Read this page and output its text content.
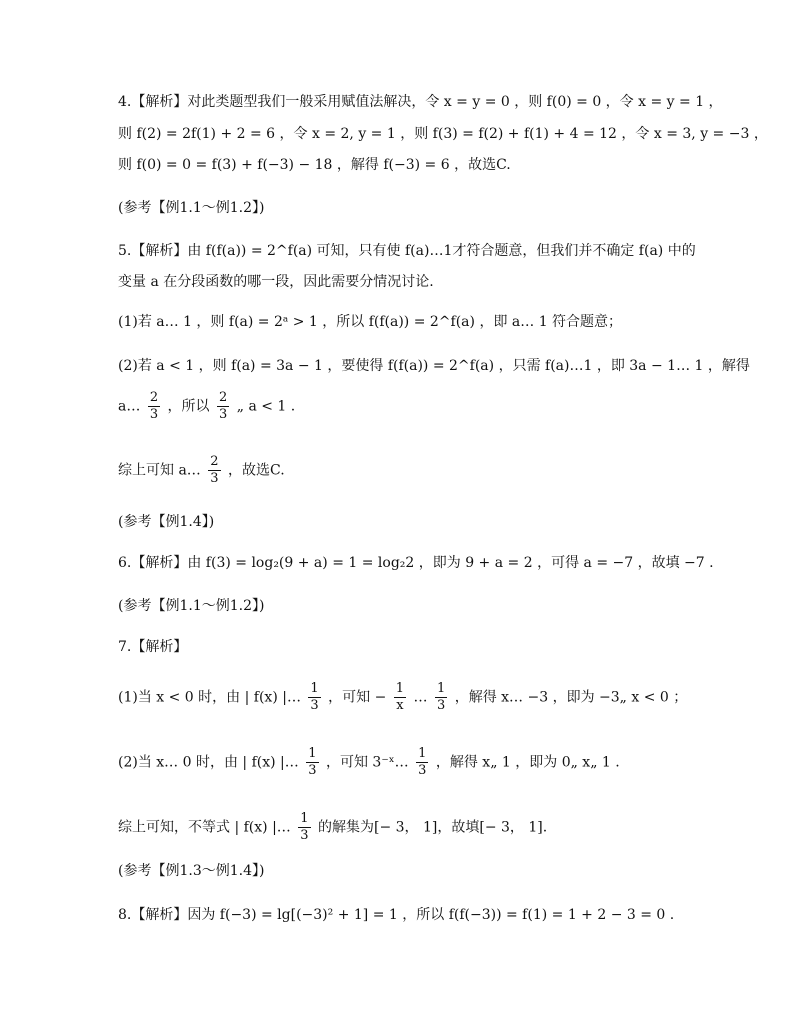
4.【解析】对此类题型我们一般采用赋值法解决，令 x = y = 0 ，则 f(0) = 0 ，令 x = y = 1 ，
则 f(2) = 2f(1) + 2 = 6 ，令 x = 2, y = 1 ，则 f(3) = f(2) + f(1) + 4 = 12 ，令 x = 3, y = −3 ，
则 f(0) = 0 = f(3) + f(−3) − 18 ，解得 f(−3) = 6 ，故选C.
(参考【例1.1～例1.2】)
5.【解析】由 f(f(a)) = 2^f(a) 可知，只有使 f(a)…1才符合题意，但我们并不确定 f(a) 中的
变量 a 在分段函数的哪一段，因此需要分情况讨论.
(1)若 a… 1 ，则 f(a) = 2ᵃ > 1 ，所以 f(f(a)) = 2^f(a) ，即 a… 1 符合题意；
(2)若 a < 1 ，则 f(a) = 3a − 1 ，要使得 f(f(a)) = 2^f(a) ，只需 f(a)…1 ，即 3a − 1… 1 ，解得
a… $\frac{2}{3}$ ，所以 $\frac{2}{3}$ „ a < 1 .
综上可知 a… $\frac{2}{3}$ ，故选C.
(参考【例1.4】)
6.【解析】由 f(3) = log₂(9 + a) = 1 = log₂2 ，即为 9 + a = 2 ，可得 a = −7 ，故填 −7 .
(参考【例1.1～例1.2】)
7.【解析】
(1)当 x < 0 时，由 | f(x) |… $\frac{1}{3}$ ，可知 − $\frac{1}{x}$ … $\frac{1}{3}$ ，解得 x… −3 ，即为 −3„ x < 0 ；
(2)当 x… 0 时，由 | f(x) |… $\frac{1}{3}$ ，可知 3⁻ˣ… $\frac{1}{3}$ ，解得 x„ 1 ，即为 0„ x„ 1 .
综上可知，不等式 | f(x) |… $\frac{1}{3}$ 的解集为[− 3， 1]，故填[− 3， 1].
(参考【例1.3～例1.4】)
8.【解析】因为 f(−3) = lg[(−3)² + 1] = 1 ，所以 f(f(−3)) = f(1) = 1 + 2 − 3 = 0 .
